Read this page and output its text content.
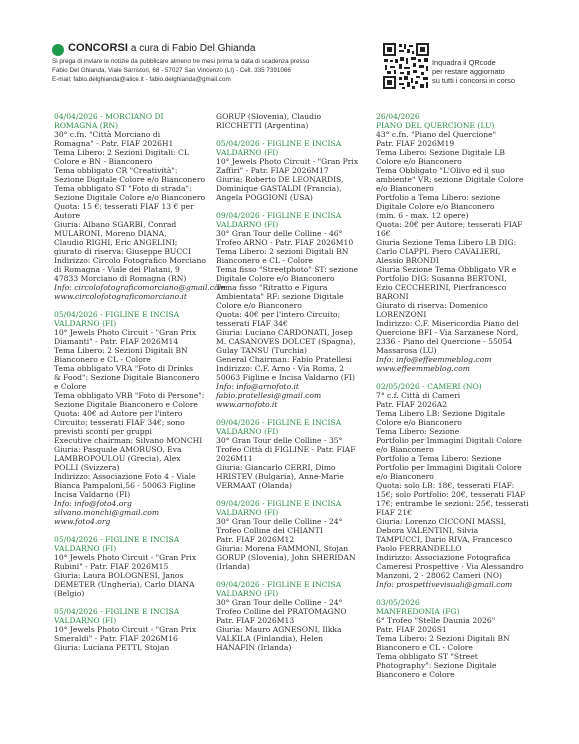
CONCORSI a cura di Fabio Del Ghianda
Si prega di inviare le notizie da pubblicare almeno tre mesi prima la data di scadenza presso
Fabio Del Ghianda, Viale Sarristori, 68 - 57027 San Vincenzo (LI) - Cell. 335 7391066
E-mail: fabio.delghianda@alice.it - fabio.delghianda@gmail.com
Inquadra il QRcode
per restare aggiornato
su tutti i concorsi in corso
04/04/2026 - MORCIANO DI
ROMAGNA (RN)
30° c.fn. "Città Morciano di
Romagna" - Patr. FIAF 2026H1
Tema Libero: 2 Sezioni Digitali: CL
Colore e BN - Bianconero
Tema obbligato CR "Creatività":
Sezione Digitale Colore e/o Bianconero
Tema obbligato ST "Foto di strada":
Sezione Digitale Colore e/o Bianconero
Quota: 15 €; tesserati FIAF 13 € per
Autore
Giuria: Albano SGARBI, Conrad
MULARONI, Moreno DIANA,
Claudio RIGHI, Eric ANGELINI;
giurato di riserva: Giuseppe BUCCI
Indirizzo: Circolo Fotografico Morciano
di Romagna - Viale dei Platani, 9
47833 Morciano di Romagna (RN)
Info: circolofotograficomorciano@gmail.com
www.circolofotograficomorciano.it
05/04/2026 - FIGLINE E INCISA
VALDARNO (FI)
10° Jewels Photo Circuit - "Gran Prix
Diamanti" - Patr. FIAF 2026M14
Tema Libero: 2 Sezioni Digitali BN
Bianconero e CL - Colore
Tema obbligato VRA "Foto di Drinks
& Food": Sezione Digitale Bianconero
e Colore
Tema obbligato VRB "Foto di Persone":
Sezione Digitale Bianconero e Colore
Quota: 40€ ad Autore per l'intero
Circuito; tesserati FIAF 34€; sono
previsti sconti per gruppi
Executive chairman: Silvano MONCHI
Giuria: Pasquale AMORUSO, Eva
LAMBROPOULOU (Grecia), Alex
POLLI (Svizzera)
Indirizzo: Associazione Foto 4 - Viale
Bianca Pampaloni,56 - 50063 Figline
Incisa Valdarno (FI)
Info: info@foto4.org
silvano.monchi@gmail.com
www.foto4.org
05/04/2026 - FIGLINE E INCISA
VALDARNO (FI)
10° Jewels Photo Circuit - "Gran Prix
Rubini" - Patr. FIAF 2026M15
Giuria: Laura BOLOGNESI, Janos
DEMETER (Ungheria), Carlo DIANA
(Belgio)
05/04/2026 - FIGLINE E INCISA
VALDARNO (FI)
10° Jewels Photo Circuit - "Gran Prix
Smeraldi" - Patr. FIAF 2026M16
Giuria: Luciana PETTI, Stojan
GORUP (Slovenia), Claudio
RICCHETTI (Argentina)
05/04/2026 - FIGLINE E INCISA
VALDARNO (FI)
10° Jewels Photo Circuit - "Gran Prix
Zaffiri" - Patr. FIAF 2026M17
Giuria: Roberto DE LEONARDIS,
Dominique GASTALDI (Francia),
Angela POGGIONI (USA)
09/04/2026 - FIGLINE E INCISA
VALDARNO (FI)
30° Gran Tour delle Colline - 46°
Trofeo ARNO - Patr. FIAF 2026M10
Tema Libero: 2 sezioni Digitali BN
Bianconero e CL - Colore
Tema fisso "Streetphoto" ST: sezione
Digitale Colore e/o Bianconero
Tema fisso "Ritratto e Figura
Ambientata" RF: sezione Digitale
Colore e/o Bianconero
Quota: 40€ per l'intero Circuito;
tesserati FIAF 34€
Giuria: Luciano CARDONATI, Josep
M. CASANOVES DOLCET (Spagna),
Gulay TANSU (Turchia)
General Chairman: Fabio Pratellesi
Indirizzo: C.F. Arno - Via Roma, 2
50063 Figline e Incisa Valdarno (FI)
Info: info@arnofoto.it
fabio.pratellesi@gmail.com
www.arnofoto.it
09/04/2026 - FIGLINE E INCISA
VALDARNO (FI)
30° Gran Tour delle Colline - 35°
Trofeo Città di FIGLINE - Patr. FIAF
2026M11
Giuria: Giancarlo CERRI, Dimo
HRISTEV (Bulgaria), Anne-Marie
VERMAAT (Olanda)
09/04/2026 - FIGLINE E INCISA
VALDARNO (FI)
30° Gran Tour delle Colline - 24°
Trofeo Colline del CHIANTI
Patr. FIAF 2026M12
Giuria: Morena FAMMONI, Stojan
GORUP (Slovenia), John SHERIDAN
(Irlanda)
09/04/2026 - FIGLINE E INCISA
VALDARNO (FI)
30° Gran Tour delle Colline - 24°
Trofeo Colline del PRATOMAGNO
Patr. FIAF 2026M13
Giuria: Mauro AGNESONI, Ilkka
VALKILA (Finlandia), Helen
HANAFIN (Irlanda)
26/04/2026
PIANO DEL QUERCIONE (LU)
43° c.fn. "Piano del Quercione"
Patr. FIAF 2026M19
Tema Libero: Sezione Digitale LB
Colore e/o Bianconero
Tema Obbligato "L'Olivo ed il suo
ambiente" VR: sezione Digitale Colore
e/o Bianconero
Portfolio a Tema Libero: sezione
Digitale Colore e/o Bianconero
(min. 6 - max. 12 opere)
Quota: 20€ per Autore; tesserati FIAF
16€
Giuria Sezione Tema Libero LB DIG:
Carlo CIAPPI, Piero CAVALIERI,
Alessio BRONDI
Giuria Sezione Tema Obbligato VR e
Portfolio DIG: Susanna BERTONI,
Ezio CECCHERINI, Pierfrancesco
BARONI
Giurato di riserva: Domenico
LORENZONI
Indirizzo: C.F. Misericordia Piano del
Quercione BFI - Via Sarzanese Nord,
2336 - Piano del Quercione - 55054
Massarosa (LU)
Info: info@effeemmeblog.com
www.effeemmeblog.com
02/05/2026 - CAMERI (NO)
7° c.f. Città di Cameri
Patr. FIAF 2026A2
Tema Libero LB: Sezione Digitale
Colore e/o Bianconero
Tema Libero: Sezione
Portfolio per Immagini Digitali Colore
e/o Bianconero
Portfolio a Tema Libero: Sezione
Portfolio per Immagini Digitali Colore
e/o Bianconero
Quota: solo LB: 18€, tesserati FIAF:
15€; solo Portfolio: 20€, tesserati FIAF
17€; entrambe le sezioni: 25€, tesserati
FIAF 21€
Giuria: Lorenzo CICCONI MASSI,
Debora VALENTINI, Silvia
TAMPUCCI, Dario RIVA, Francesco
Paolo FERRANDELLO
Indirizzo: Associazione Fotografica
Cameresi Prospettive - Via Alessandro
Manzoni, 2 - 28062 Cameri (NO)
Info: prospettivevisuali@gmail.com
03/05/2026
MANFREDONIA (FG)
6° Trofeo "Stelle Daunia 2026"
Patr. FIAF 2026S1
Tema Libero: 2 Sezioni Digitali BN
Bianconero e CL - Colore
Tema obbligato ST "Street
Photography": Sezione Digitale
Bianconero e Colore
